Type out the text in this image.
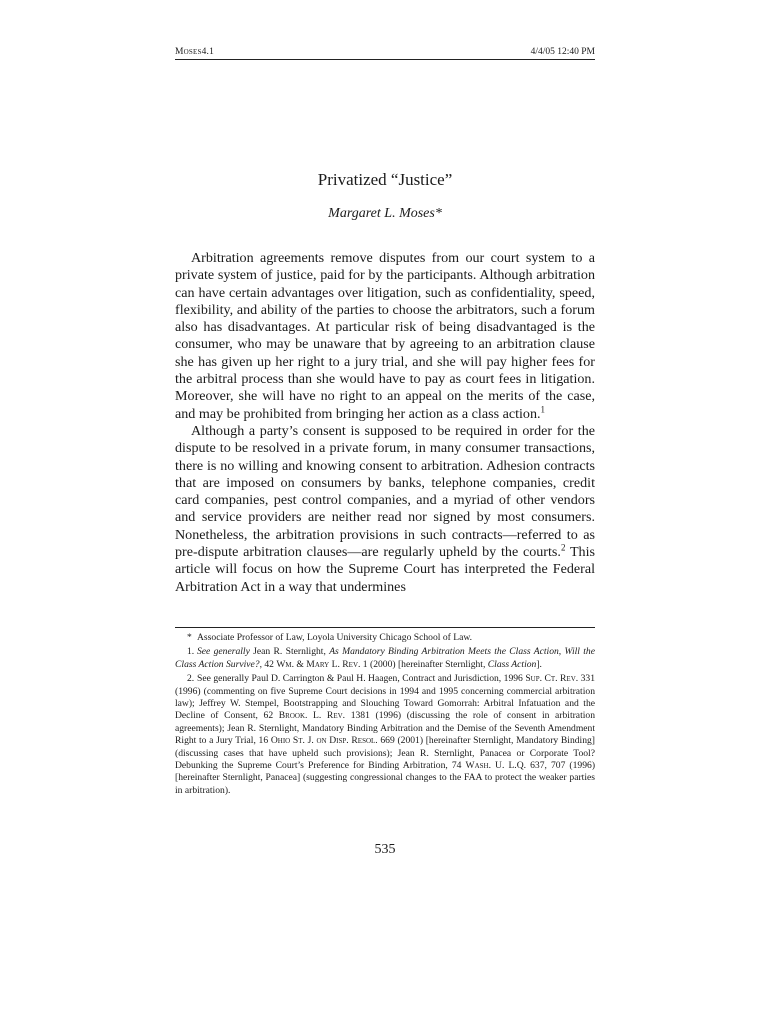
Moses4.1	4/4/05 12:40 PM
Privatized “Justice”
Margaret L. Moses*

Arbitration agreements remove disputes from our court system to a private system of justice, paid for by the participants. Although arbitration can have certain advantages over litigation, such as confidentiality, speed, flexibility, and ability of the parties to choose the arbitrators, such a forum also has disadvantages. At particular risk of being disadvantaged is the consumer, who may be unaware that by agreeing to an arbitration clause she has given up her right to a jury trial, and she will pay higher fees for the arbitral process than she would have to pay as court fees in litigation. Moreover, she will have no right to an appeal on the merits of the case, and may be prohibited from bringing her action as a class action.$^1$

Although a party’s consent is supposed to be required in order for the dispute to be resolved in a private forum, in many consumer transactions, there is no willing and knowing consent to arbitration. Adhesion contracts that are imposed on consumers by banks, telephone companies, credit card companies, pest control companies, and a myriad of other vendors and service providers are neither read nor signed by most consumers. Nonetheless, the arbitration provisions in such contracts—referred to as pre-dispute arbitration clauses—are regularly upheld by the courts.$^2$ This article will focus on how the Supreme Court has interpreted the Federal Arbitration Act in a way that undermines

* Associate Professor of Law, Loyola University Chicago School of Law.

1. See generally Jean R. Sternlight, As Mandatory Binding Arbitration Meets the Class Action, Will the Class Action Survive?, 42 Wm. & Mary L. Rev. 1 (2000) [hereinafter Sternlight, Class Action].

2. See generally Paul D. Carrington & Paul H. Haagen, Contract and Jurisdiction, 1996 Sup. Ct. Rev. 331 (1996) (commenting on five Supreme Court decisions in 1994 and 1995 concerning commercial arbitration law); Jeffrey W. Stempel, Bootstrapping and Slouching Toward Gomorrah: Arbitral Infatuation and the Decline of Consent, 62 Brook. L. Rev. 1381 (1996) (discussing the role of consent in arbitration agreements); Jean R. Sternlight, Mandatory Binding Arbitration and the Demise of the Seventh Amendment Right to a Jury Trial, 16 Ohio St. J. on Disp. Resol. 669 (2001) [hereinafter Sternlight, Mandatory Binding] (discussing cases that have upheld such provisions); Jean R. Sternlight, Panacea or Corporate Tool? Debunking the Supreme Court’s Preference for Binding Arbitration, 74 Wash. U. L.Q. 637, 707 (1996) [hereinafter Sternlight, Panacea] (suggesting congressional changes to the FAA to protect the weaker parties in arbitration).

535
